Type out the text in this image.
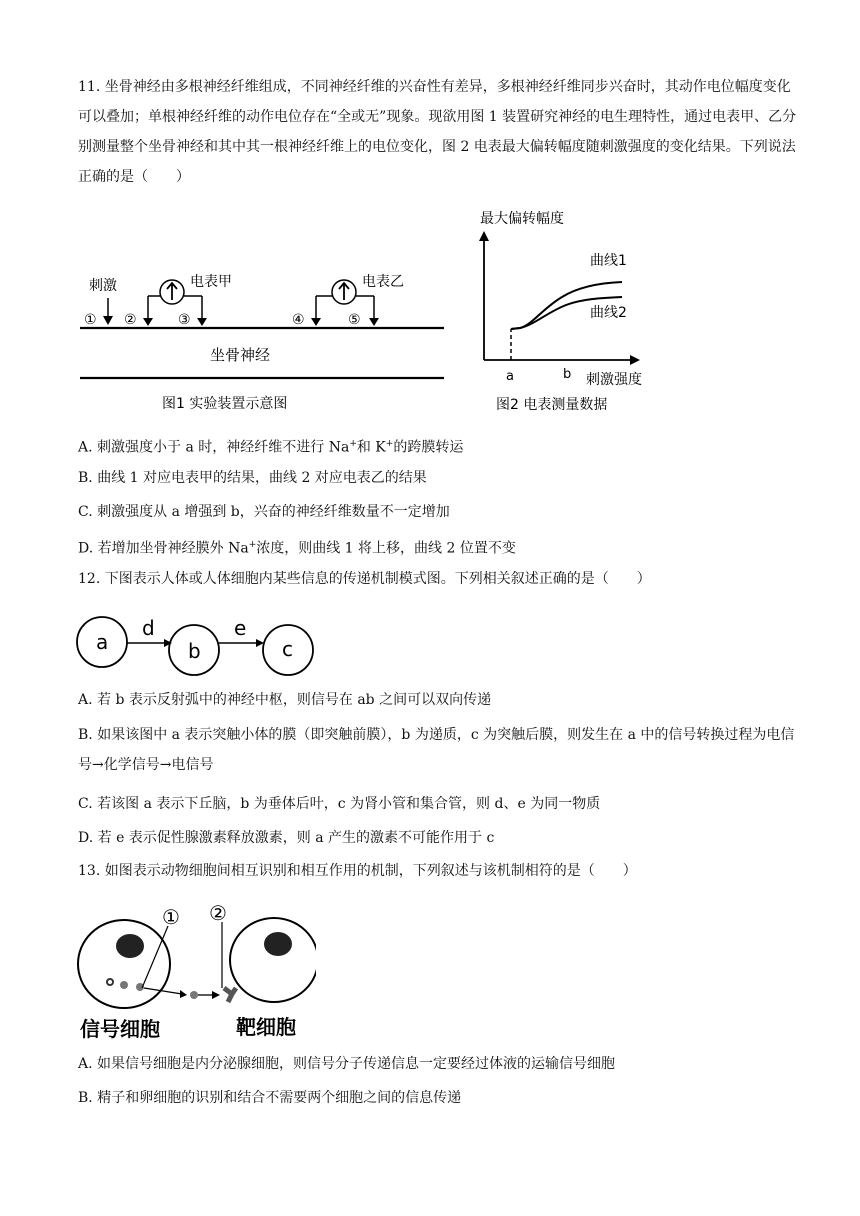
11. 坐骨神经由多根神经纤维组成，不同神经纤维的兴奋性有差异，多根神经纤维同步兴奋时，其动作电位幅度变化可以叠加；单根神经纤维的动作电位存在“全或无”现象。现欲用图 1 装置研究神经的电生理特性，通过电表甲、乙分别测量整个坐骨神经和其中其一根神经纤维上的电位变化，图 2 电表最大偏转幅度随刺激强度的变化结果。下列说法正确的是（　　）
刺激	电表甲	电表乙
① ②	③	④	⑤
坐骨神经
图1 实验装置示意图
最大偏转幅度
曲线1
曲线2
a	b 刺激强度
图2 电表测量数据
A. 刺激强度小于 a 时，神经纤维不进行 Na+和 K+的跨膜转运
B. 曲线 1 对应电表甲的结果，曲线 2 对应电表乙的结果
C. 刺激强度从 a 增强到 b，兴奋的神经纤维数量不一定增加
D. 若增加坐骨神经膜外 Na+浓度，则曲线 1 将上移，曲线 2 位置不变
12. 下图表示人体或人体细胞内某些信息的传递机制模式图。下列相关叙述正确的是（　　）
a	b	c
d	e
A. 若 b 表示反射弧中的神经中枢，则信号在 ab 之间可以双向传递
B. 如果该图中 a 表示突触小体的膜（即突触前膜），b 为递质，c 为突触后膜，则发生在 a 中的信号转换过程为电信号→化学信号→电信号
C. 若该图 a 表示下丘脑，b 为垂体后叶，c 为肾小管和集合管，则 d、e 为同一物质
D. 若 e 表示促性腺激素释放激素，则 a 产生的激素不可能作用于 c
13. 如图表示动物细胞间相互识别和相互作用的机制，下列叙述与该机制相符的是（　　）
① ②
信号细胞	靶细胞
A. 如果信号细胞是内分泌腺细胞，则信号分子传递信息一定要经过体液的运输信号细胞
B. 精子和卵细胞的识别和结合不需要两个细胞之间的信息传递
